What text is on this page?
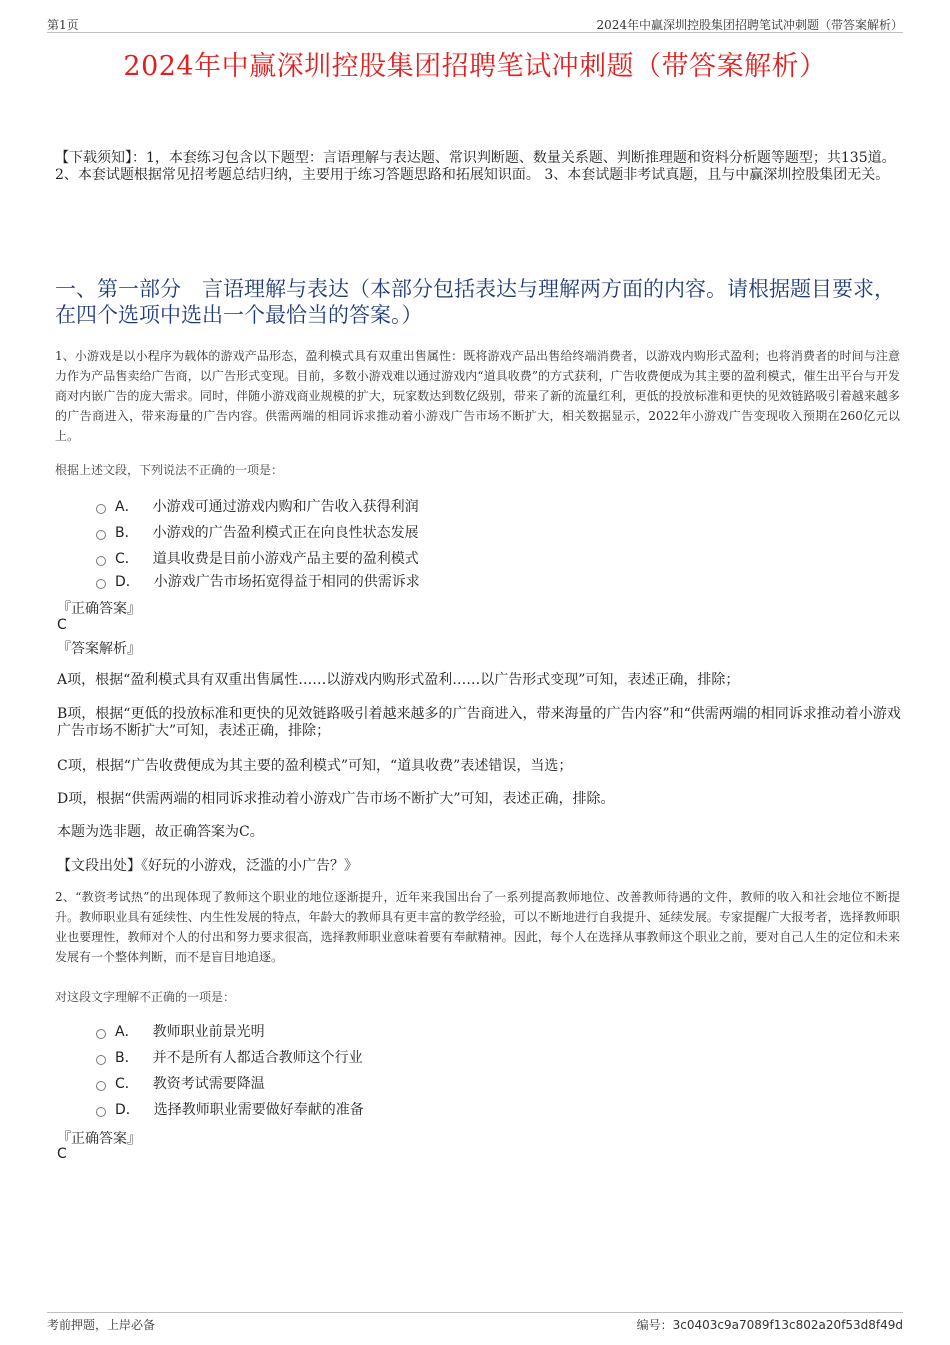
第1页	2024年中赢深圳控股集团招聘笔试冲刺题（带答案解析）
2024年中赢深圳控股集团招聘笔试冲刺题（带答案解析）
【下载须知】：1，本套练习包含以下题型：言语理解与表达题、常识判断题、数量关系题、判断推理题和资料分析题等题型；共135道。 2、本套试题根据常见招考题总结归纳，主要用于练习答题思路和拓展知识面。 3、本套试题非考试真题，且与中赢深圳控股集团无关。
一、第一部分　言语理解与表达（本部分包括表达与理解两方面的内容。请根据题目要求，在四个选项中选出一个最恰当的答案。）
1、小游戏是以小程序为载体的游戏产品形态，盈利模式具有双重出售属性：既将游戏产品出售给终端消费者，以游戏内购形式盈利；也将消费者的时间与注意力作为产品售卖给广告商，以广告形式变现。目前，多数小游戏难以通过游戏内“道具收费”的方式获利，广告收费便成为其主要的盈利模式，催生出平台与开发商对内嵌广告的庞大需求。同时，伴随小游戏商业规模的扩大，玩家数达到数亿级别，带来了新的流量红利，更低的投放标准和更快的见效链路吸引着越来越多的广告商进入，带来海量的广告内容。供需两端的相同诉求推动着小游戏广告市场不断扩大，相关数据显示，2022年小游戏广告变现收入预期在260亿元以上。
根据上述文段，下列说法不正确的一项是：
A． 小游戏可通过游戏内购和广告收入获得利润
B． 小游戏的广告盈利模式正在向良性状态发展
C． 道具收费是目前小游戏产品主要的盈利模式
D． 小游戏广告市场拓宽得益于相同的供需诉求
『正确答案』
C
『答案解析』
A项，根据“盈利模式具有双重出售属性……以游戏内购形式盈利……以广告形式变现”可知，表述正确，排除；
B项，根据“更低的投放标准和更快的见效链路吸引着越来越多的广告商进入，带来海量的广告内容”和“供需两端的相同诉求推动着小游戏广告市场不断扩大”可知，表述正确，排除；
C项，根据“广告收费便成为其主要的盈利模式”可知，“道具收费”表述错误，当选；
D项，根据“供需两端的相同诉求推动着小游戏广告市场不断扩大”可知，表述正确，排除。
本题为选非题，故正确答案为C。
【文段出处】《好玩的小游戏，泛滥的小广告？》
2、“教资考试热”的出现体现了教师这个职业的地位逐渐提升，近年来我国出台了一系列提高教师地位、改善教师待遇的文件，教师的收入和社会地位不断提升。教师职业具有延续性、内生性发展的特点，年龄大的教师具有更丰富的教学经验，可以不断地进行自我提升、延续发展。专家提醒广大报考者，选择教师职业也要理性，教师对个人的付出和努力要求很高，选择教师职业意味着要有奉献精神。因此，每个人在选择从事教师这个职业之前，要对自己人生的定位和未来发展有一个整体判断，而不是盲目地追逐。
对这段文字理解不正确的一项是：
A． 教师职业前景光明
B． 并不是所有人都适合教师这个行业
C． 教资考试需要降温
D． 选择教师职业需要做好奉献的准备
『正确答案』
C
考前押题，上岸必备	编号：3c0403c9a7089f13c802a20f53d8f49d
